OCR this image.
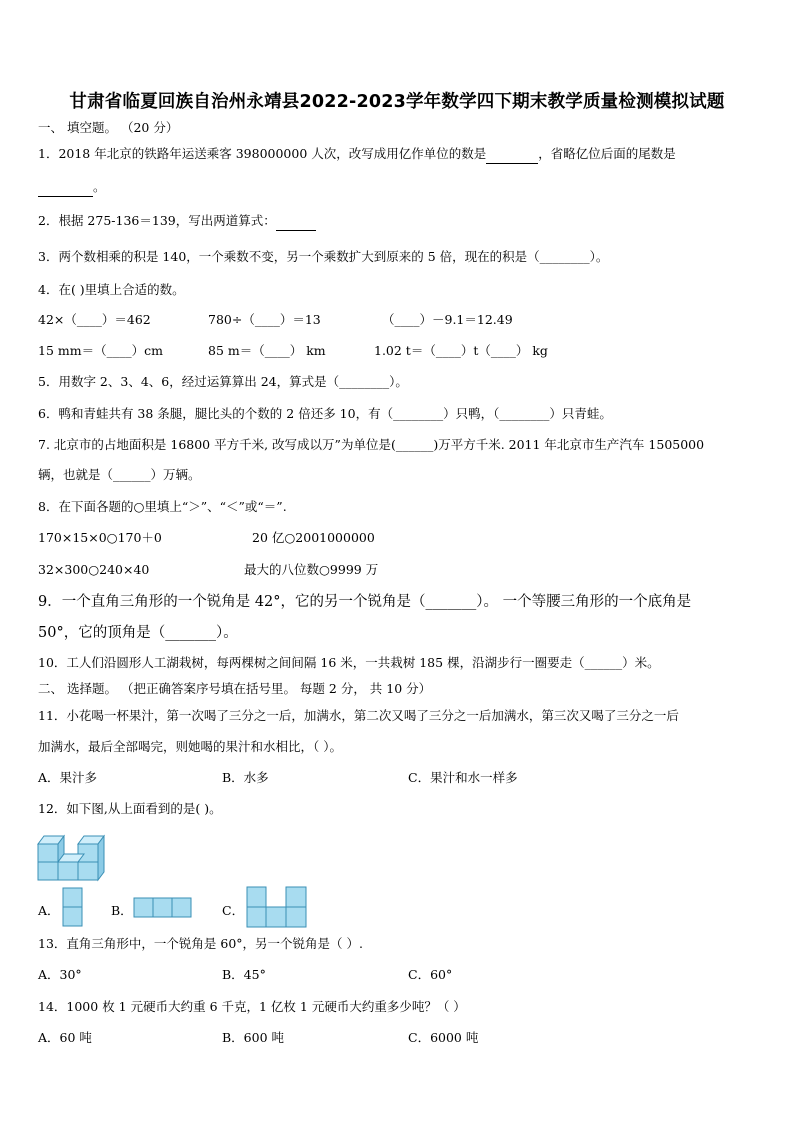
甘肃省临夏回族自治州永靖县2022-2023学年数学四下期末教学质量检测模拟试题
一、 填空题。 （20 分）
1．2018 年北京的铁路年运送乘客 398000000 人次，改写成用亿作单位的数是	，省略亿位后面的尾数是
。
2．根据 275-136＝139，写出两道算式：
3．两个数相乘的积是 140，一个乘数不变，另一个乘数扩大到原来的 5 倍，现在的积是（________）。
4．在( )里填上合适的数。
42×（____）＝462	780÷（____）＝13	（____）－9.1＝12.49
15 mm＝（____）cm	85 m＝（____） km	1.02 t＝（____）t（____） kg
5．用数字 2、3、4、6，经过运算算出 24，算式是（________）。
6．鸭和青蛙共有 38 条腿，腿比头的个数的 2 倍还多 10，有（________）只鸭，（________）只青蛙。
7. 北京市的占地面积是 16800 平方千米, 改写成以万”为单位是(______)万平方千米. 2011 年北京市生产汽车 1505000
辆，也就是（______）万辆。
8．在下面各题的○里填上“＞”、“＜”或“＝”.
170×15×0○170＋0	20 亿○2001000000
32×300○240×40	最大的八位数○9999 万
9．一个直角三角形的一个锐角是 42°，它的另一个锐角是（_______）。 一个等腰三角形的一个底角是
50°，它的顶角是（_______）。
10．工人们沿圆形人工湖栽树，每两棵树之间间隔 16 米，一共栽树 185 棵，沿湖步行一圈要走（______）米。
二、 选择题。 （把正确答案序号填在括号里。 每题 2 分， 共 10 分）
11．小花喝一杯果汁，第一次喝了三分之一后，加满水，第二次又喝了三分之一后加满水，第三次又喝了三分之一后
加满水，最后全部喝完，则她喝的果汁和水相比，（ ）。
A．果汁多	B．水多	C．果汁和水一样多
12．如下图,从上面看到的是( )。
A．	B．	C．
13．直角三角形中，一个锐角是 60°，另一个锐角是（ ）.
A．30°	B．45°	C．60°
14．1000 枚 1 元硬币大约重 6 千克，1 亿枚 1 元硬币大约重多少吨？（ ）
A．60 吨	B．600 吨	C．6000 吨
